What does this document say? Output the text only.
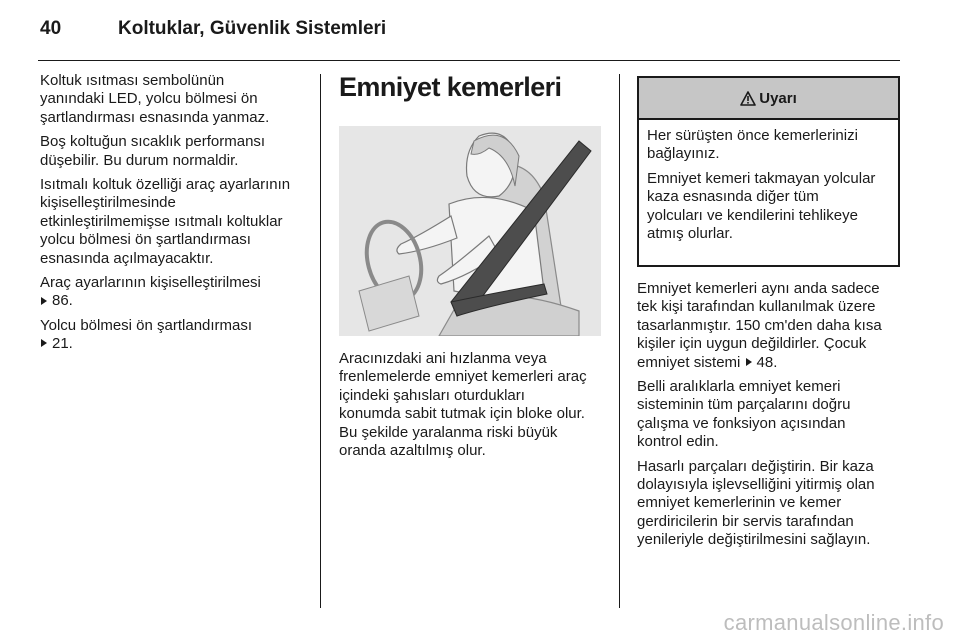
40	Koltuklar, Güvenlik Sistemleri

Koltuk ısıtması sembolünün
yanındaki LED, yolcu bölmesi ön
şartlandırması esnasında yanmaz.

Boş koltuğun sıcaklık performansı
düşebilir. Bu durum normaldir.

Isıtmalı koltuk özelliği araç ayarlarının
kişiselleştirilmesinde
etkinleştirilmemişse ısıtmalı koltuklar
yolcu bölmesi ön şartlandırması
esnasında açılmayacaktır.

Araç ayarlarının kişiselleştirilmesi
86.

Yolcu bölmesi ön şartlandırması
21.

Emniyet kemerleri
Aracınızdaki ani hızlanma veya
frenlemelerde emniyet kemerleri araç
içindeki şahısları oturdukları
konumda sabit tutmak için bloke olur.
Bu şekilde yaralanma riski büyük
oranda azaltılmış olur.
Uyarı

Her sürüşten önce kemerlerinizi
bağlayınız.

Emniyet kemeri takmayan yolcular
kaza esnasında diğer tüm
yolcuları ve kendilerini tehlikeye
atmış olurlar.

Emniyet kemerleri aynı anda sadece
tek kişi tarafından kullanılmak üzere
tasarlanmıştır. 150 cm'den daha kısa
kişiler için uygun değildirler. Çocuk
emniyet sistemi 48.

Belli aralıklarla emniyet kemeri
sisteminin tüm parçalarını doğru
çalışma ve fonksiyon açısından
kontrol edin.

Hasarlı parçaları değiştirin. Bir kaza
dolayısıyla işlevselliğini yitirmiş olan
emniyet kemerlerinin ve kemer
gerdiricilerin bir servis tarafından
yenileriyle değiştirilmesini sağlayın.

carmanualsonline.info
